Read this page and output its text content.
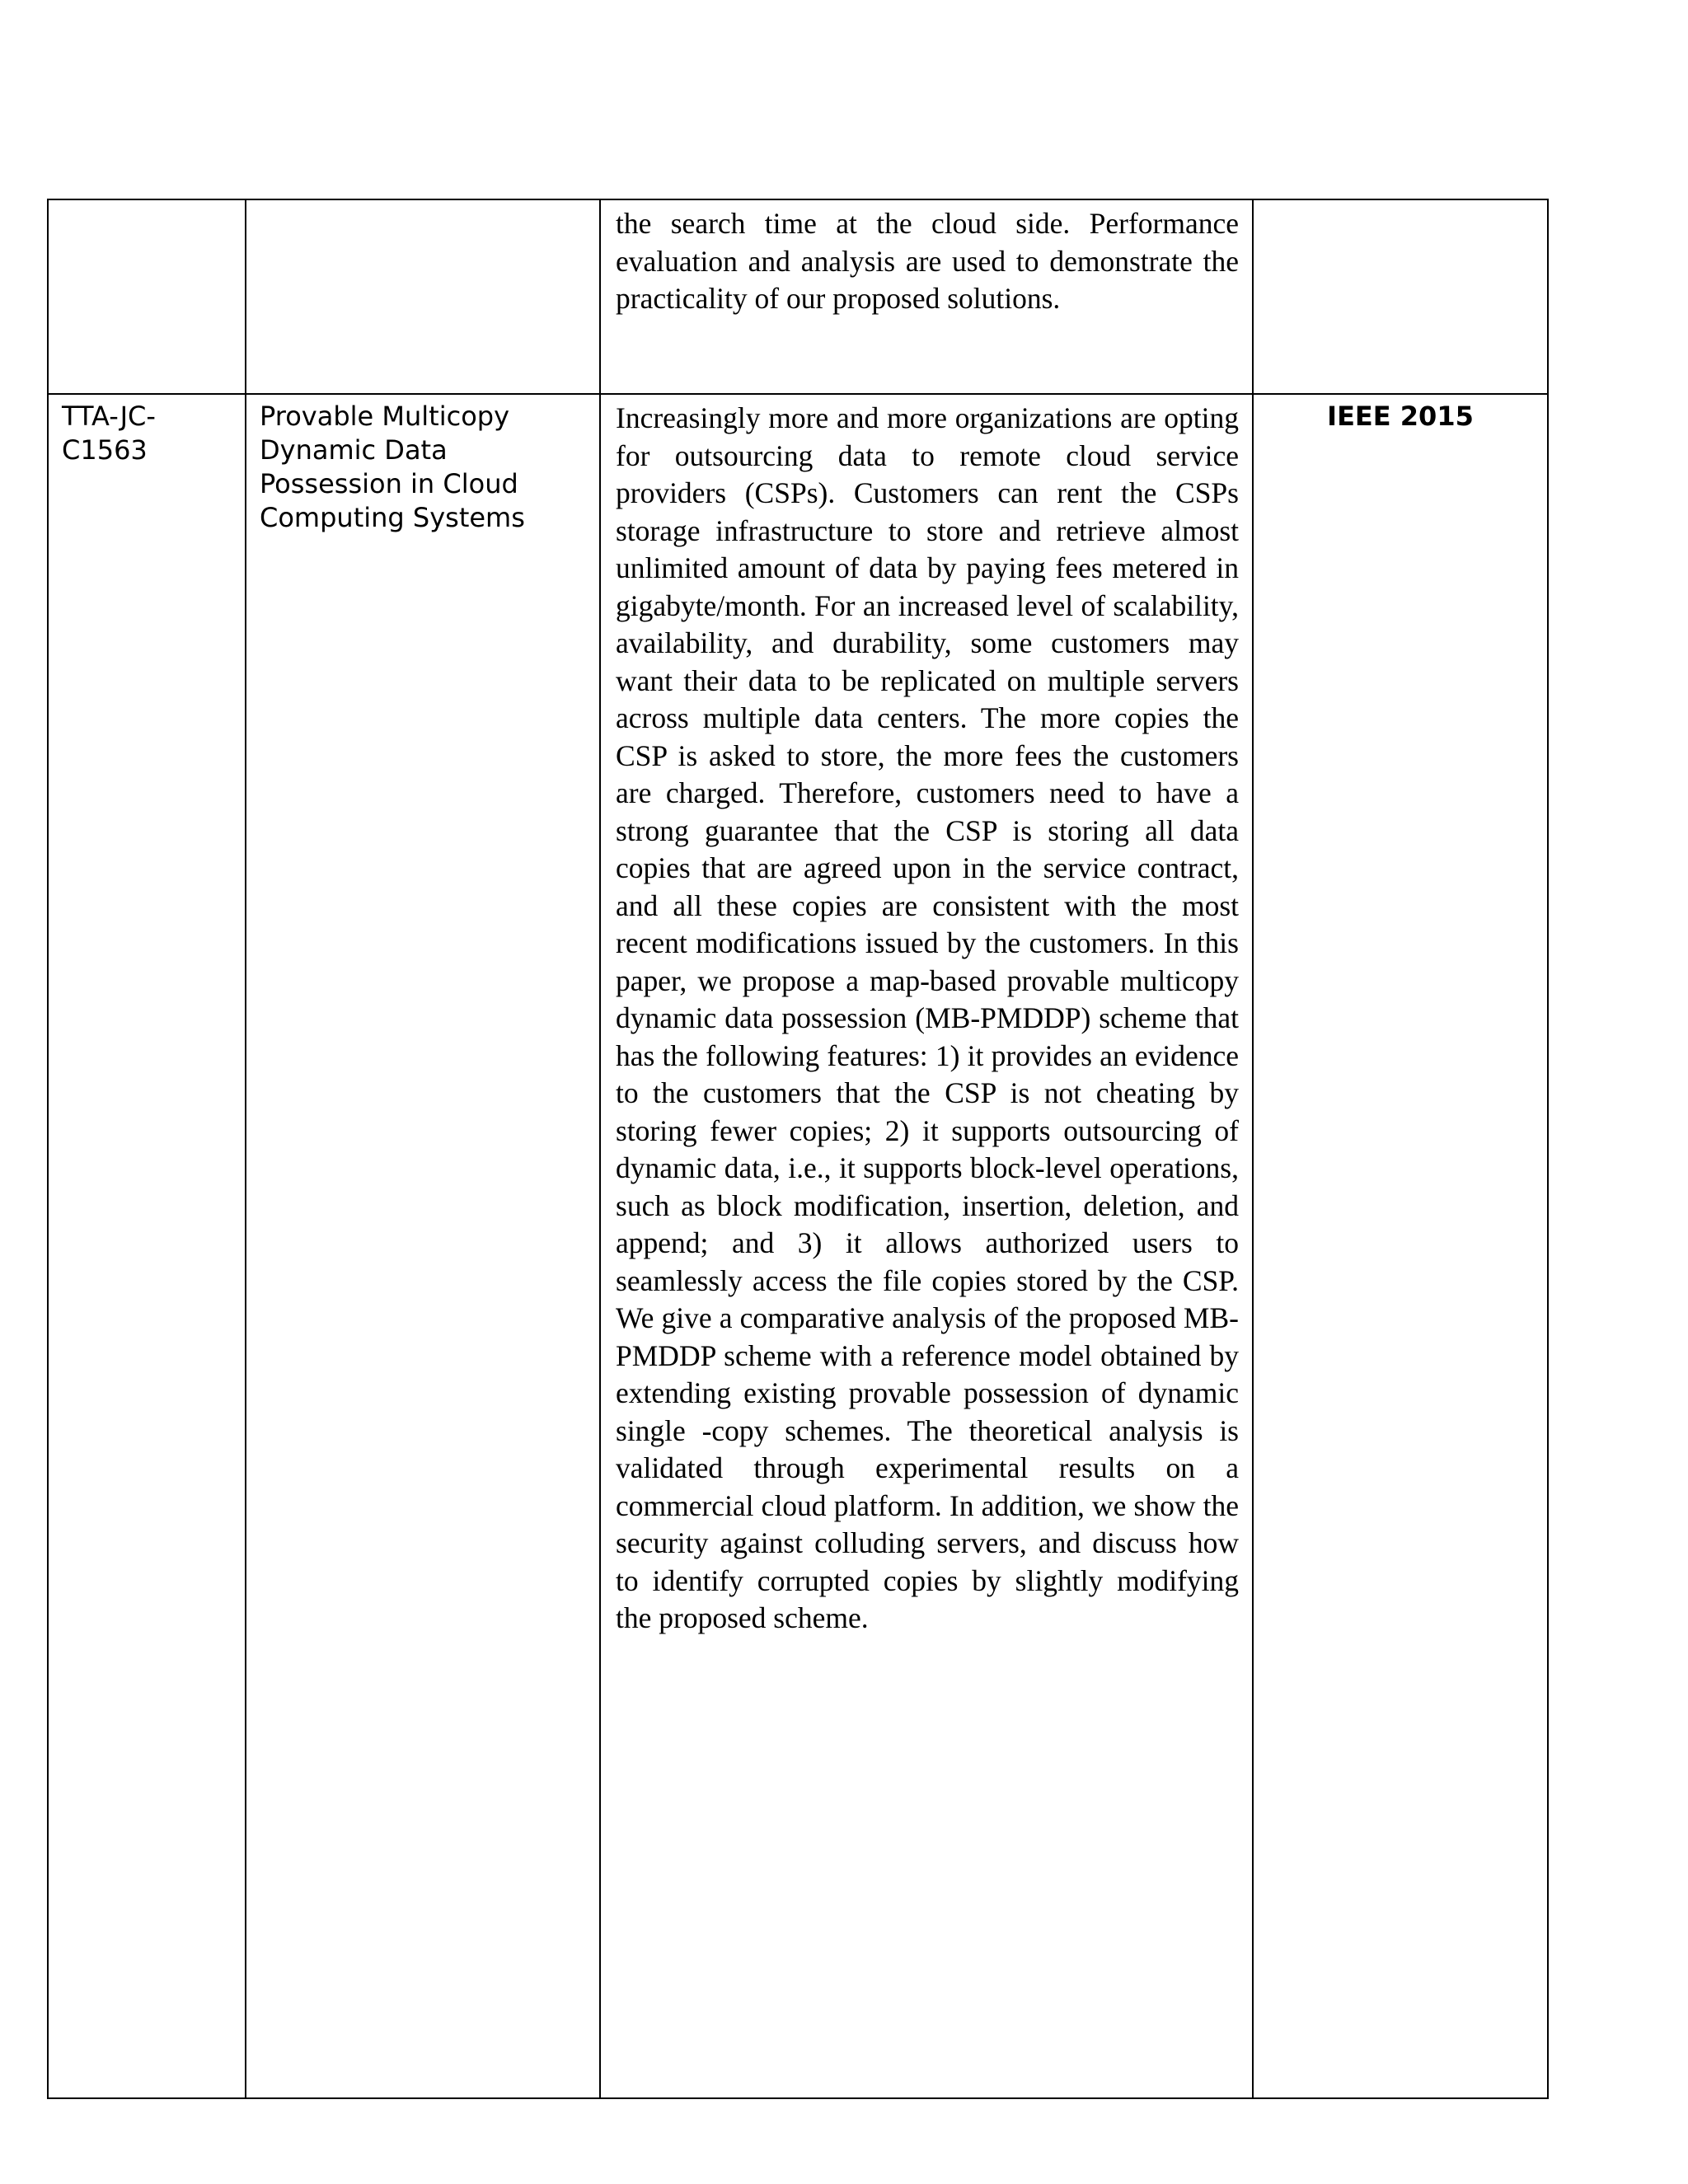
		the search time at the cloud side. Performance evaluation and analysis are used to demonstrate the practicality of our proposed solutions.	
TTA-JC-C1563	Provable Multicopy Dynamic Data Possession in Cloud Computing Systems	Increasingly more and more organizations are opting for outsourcing data to remote cloud service providers (CSPs). Customers can rent the CSPs storage infrastructure to store and retrieve almost unlimited amount of data by paying fees metered in gigabyte/month. For an increased level of scalability, availability, and durability, some customers may want their data to be replicated on multiple servers across multiple data centers. The more copies the CSP is asked to store, the more fees the customers are charged. Therefore, customers need to have a strong guarantee that the CSP is storing all data copies that are agreed upon in the service contract, and all these copies are consistent with the most recent modifications issued by the customers. In this paper, we propose a map-based provable multicopy dynamic data possession (MB-PMDDP) scheme that has the following features: 1) it provides an evidence to the customers that the CSP is not cheating by storing fewer copies; 2) it supports outsourcing of dynamic data, i.e., it supports block-level operations, such as block modification, insertion, deletion, and append; and 3) it allows authorized users to seamlessly access the file copies stored by the CSP. We give a comparative analysis of the proposed MB-PMDDP scheme with a reference model obtained by extending existing provable possession of dynamic single -copy schemes. The theoretical analysis is validated through experimental results on a commercial cloud platform. In addition, we show the security against colluding servers, and discuss how to identify corrupted copies by slightly modifying the proposed scheme.	IEEE 2015
